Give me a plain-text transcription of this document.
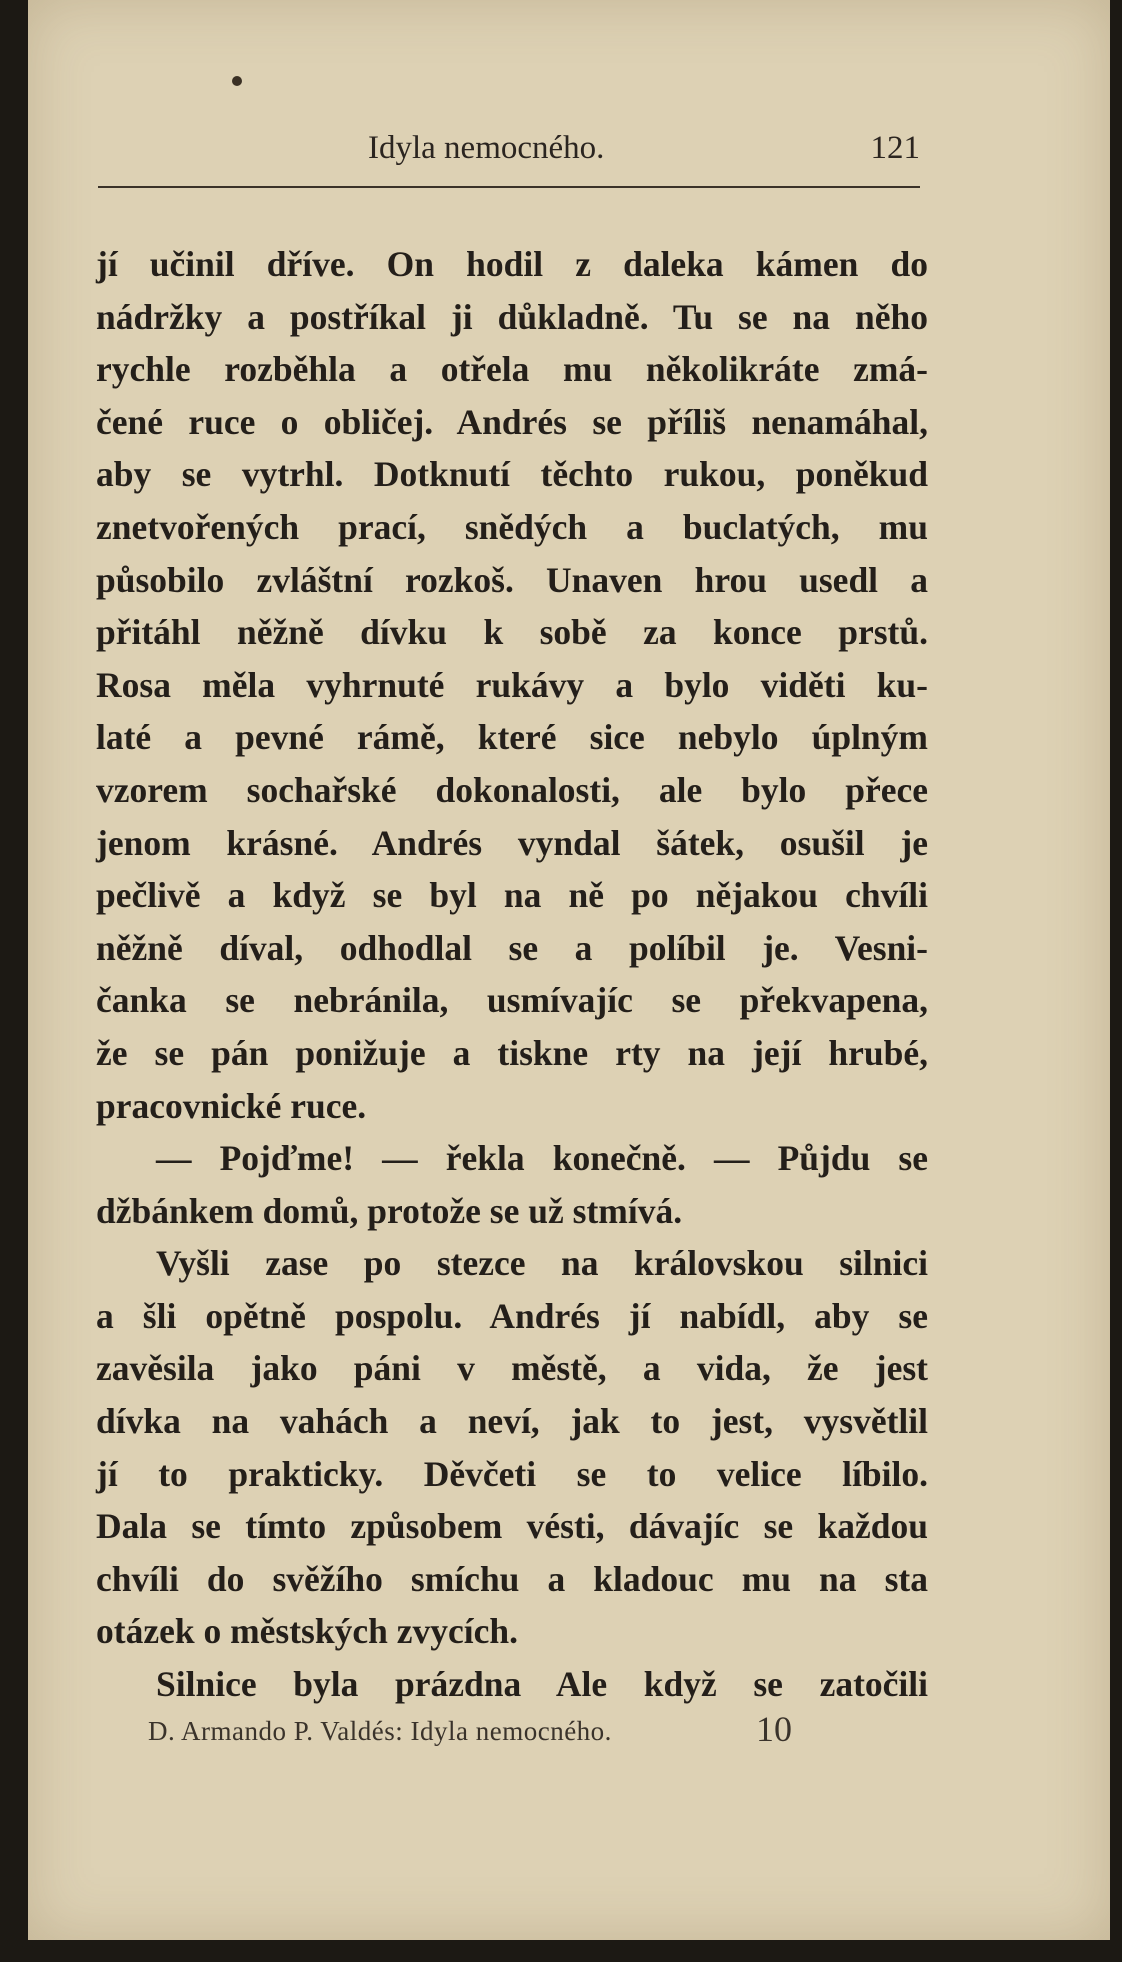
Idyla nemocného.	121
jí učinil dříve. On hodil z daleka kámen do
nádržky a postříkal ji důkladně. Tu se na něho
rychle rozběhla a otřela mu několikráte zmá-
čené ruce o obličej. Andrés se příliš nenamáhal,
aby se vytrhl. Dotknutí těchto rukou, poněkud
znetvořených prací, snědých a buclatých, mu
působilo zvláštní rozkoš. Unaven hrou usedl a
přitáhl něžně dívku k sobě za konce prstů.
Rosa měla vyhrnuté rukávy a bylo viděti ku-
laté a pevné rámě, které sice nebylo úplným
vzorem sochařské dokonalosti, ale bylo přece
jenom krásné. Andrés vyndal šátek, osušil je
pečlivě a když se byl na ně po nějakou chvíli
něžně díval, odhodlal se a políbil je. Vesni-
čanka se nebránila, usmívajíc se překvapena,
že se pán ponižuje a tiskne rty na její hrubé,
pracovnické ruce.
— Pojďme! — řekla konečně. — Půjdu se
džbánkem domů, protože se už stmívá.
Vyšli zase po stezce na královskou silnici
a šli opětně pospolu. Andrés jí nabídl, aby se
zavěsila jako páni v městě, a vida, že jest
dívka na vahách a neví, jak to jest, vysvětlil
jí to prakticky. Děvčeti se to velice líbilo.
Dala se tímto způsobem vésti, dávajíc se každou
chvíli do svěžího smíchu a kladouc mu na sta
otázek o městských zvycích.
Silnice byla prázdna Ale když se zatočili
D. Armando P. Valdés: Idyla nemocného.	10
